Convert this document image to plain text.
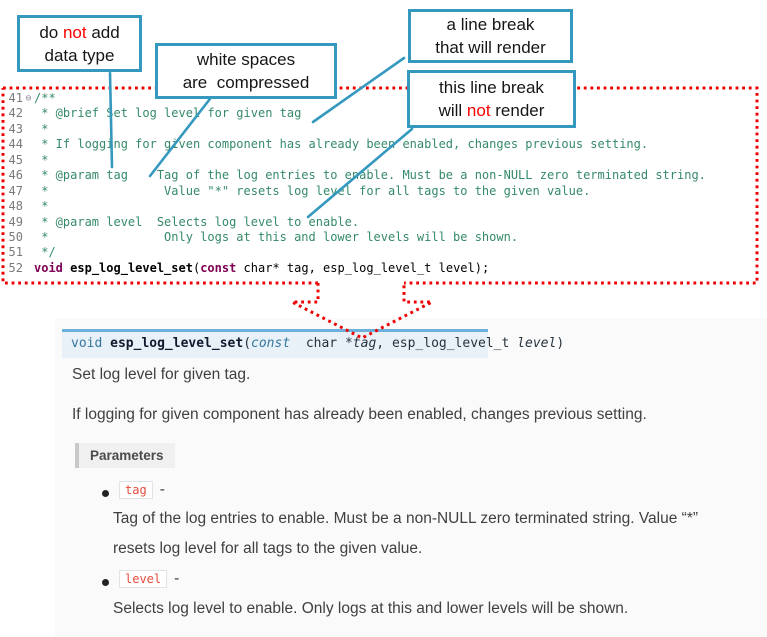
41 ⊖ /**
42 * @brief Set log level for given tag
43 *
44 * If logging for given component has already been enabled, changes previous setting.
45 *
46 * @param tag    Tag of the log entries to enable. Must be a non-NULL zero terminated string.
47 *                Value "*" resets log level for all tags to the given value.
48 *
49 * @param level  Selects log level to enable.
50 *                Only logs at this and lower levels will be shown.
51 */
52 void
esp_log_level_set ( const char* tag, esp_log_level_t level);
void esp_log_level_set(const  char *tag, esp_log_level_t level)
Set log level for given tag.
If logging for given component has already been enabled, changes previous setting.
Parameters
tag -
Tag of the log entries to enable. Must be a non-NULL zero terminated string. Value “*” resets log level for all tags to the given value.
level -
Selects log level to enable. Only logs at this and lower levels will be shown.
do not add
data type	white spaces
are  compressed
a line break
that will render
this line break
will not render
